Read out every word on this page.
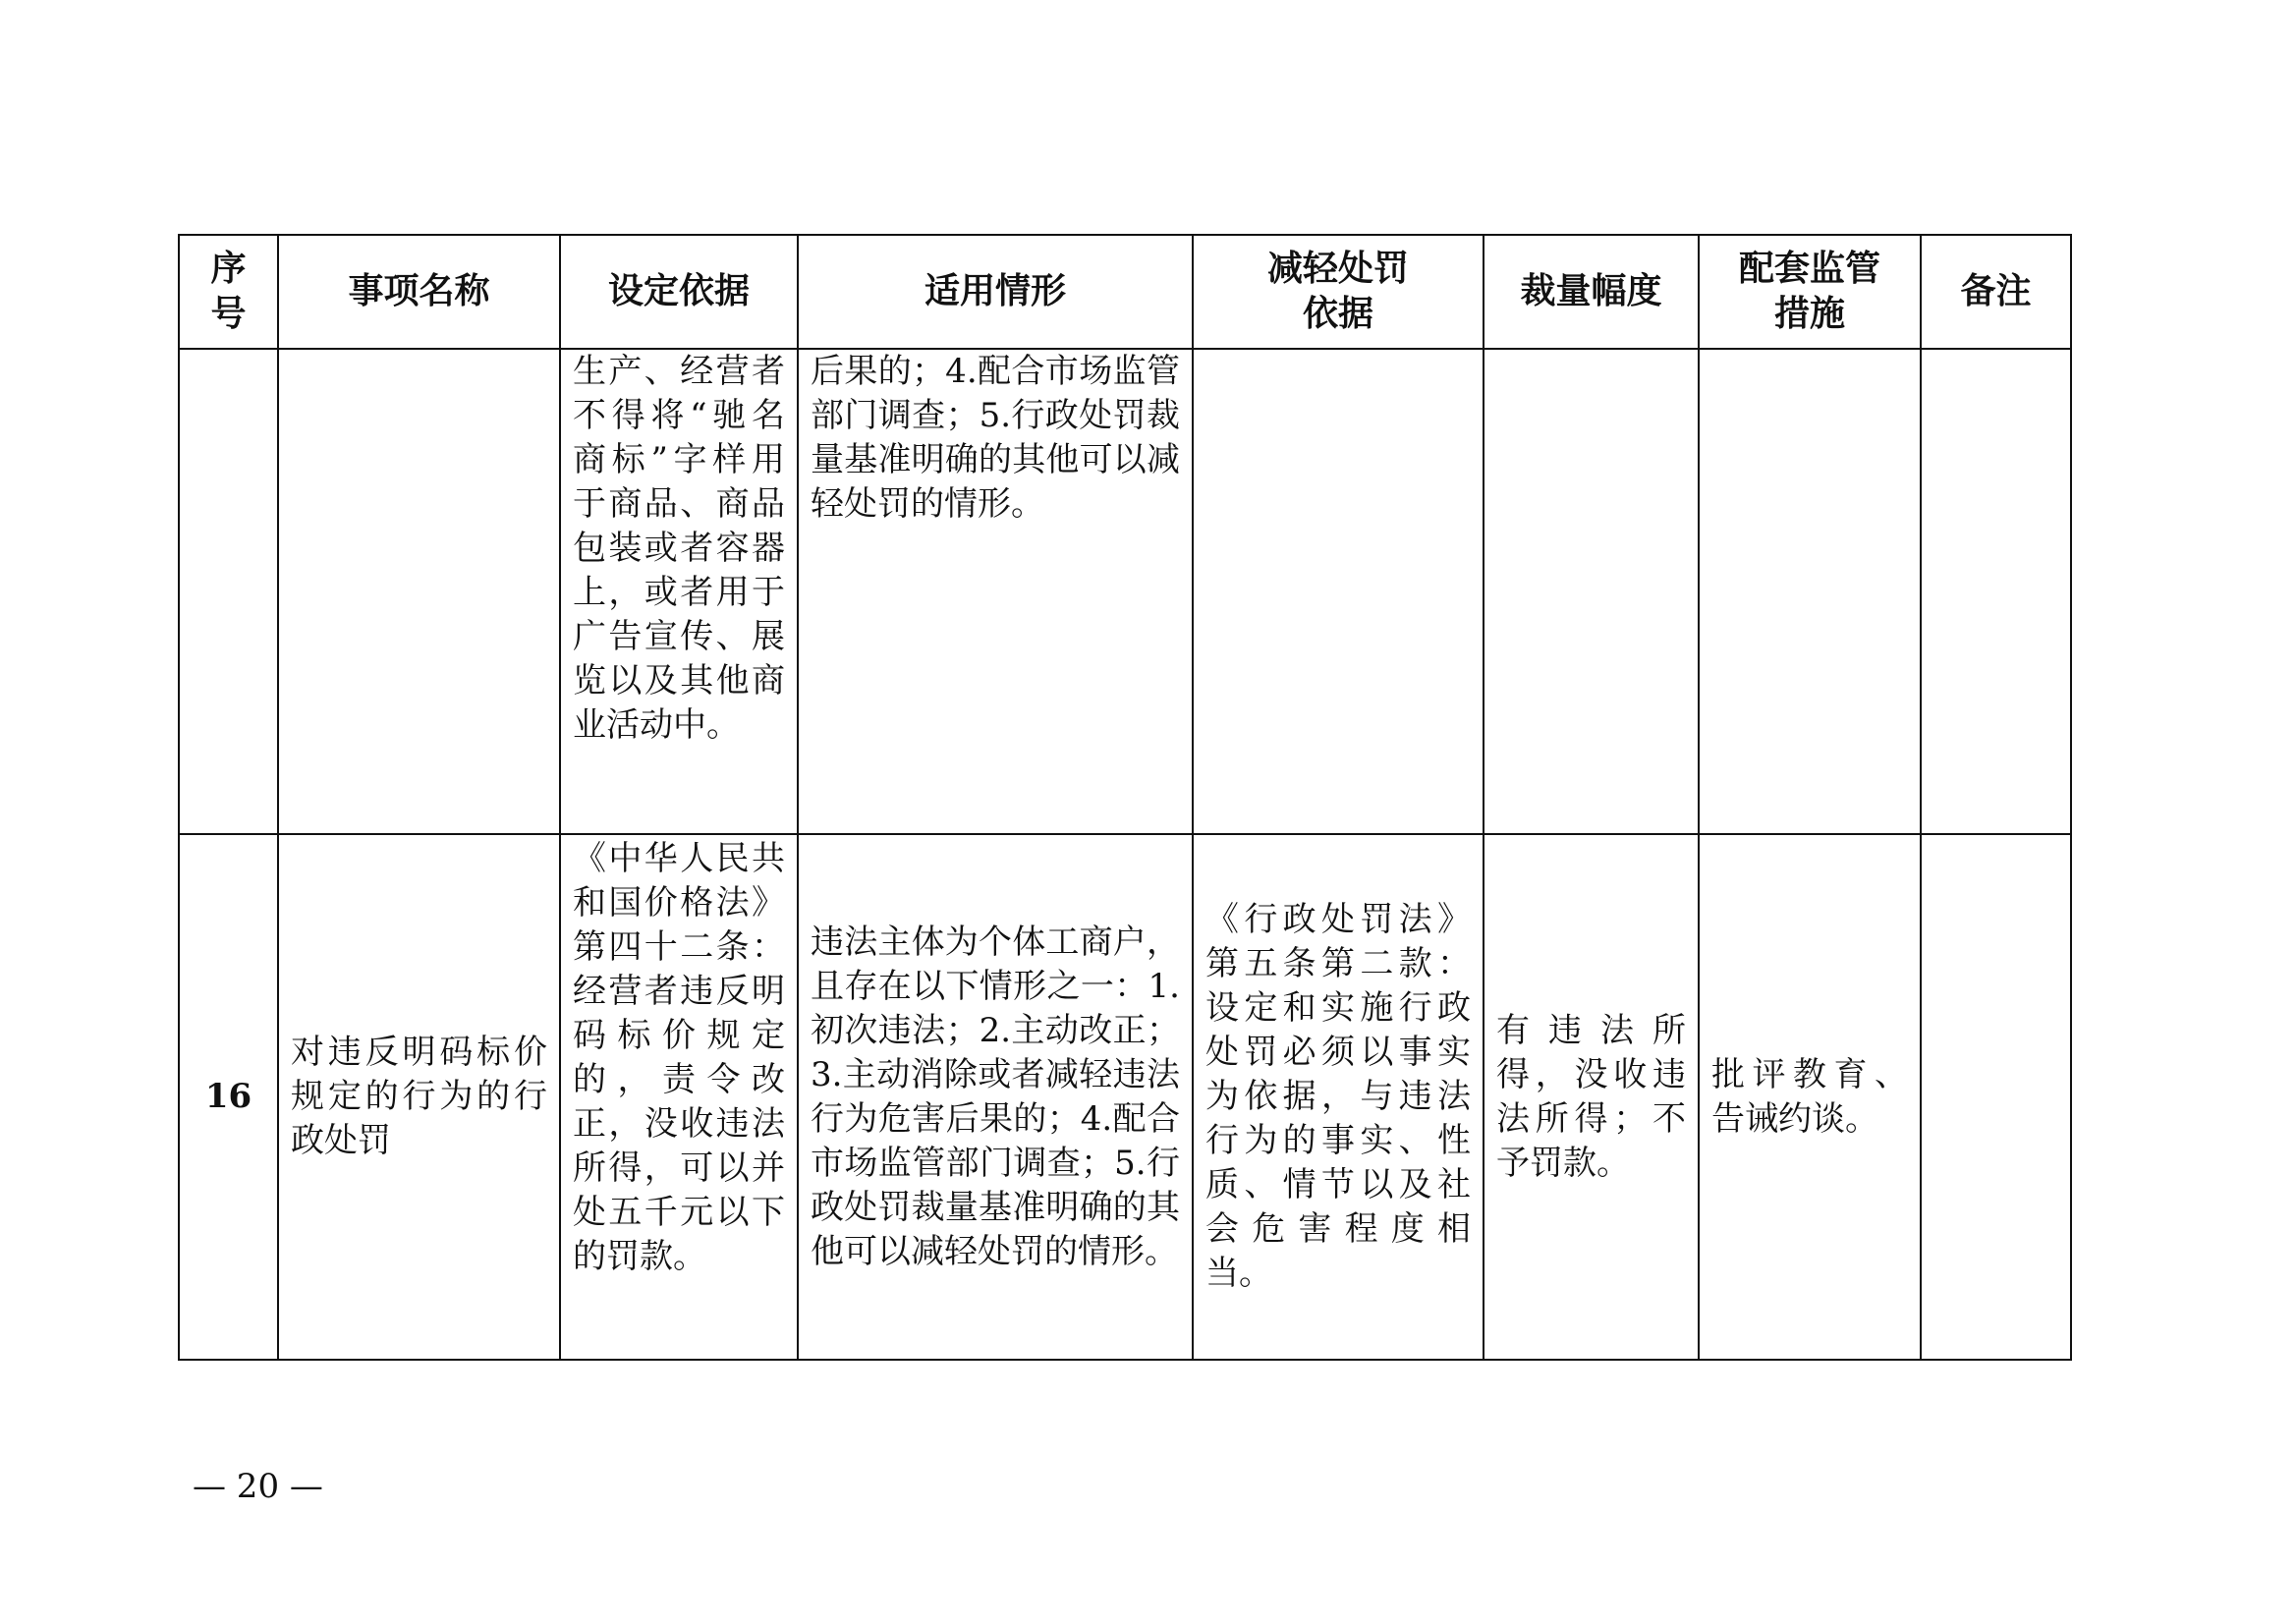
序号	事项名称	设定依据	适用情形	减轻处罚依据	裁量幅度	配套监管措施	备注

		生产、经营者不得将“驰名商标”字样用于商品、商品包装或者容器上，或者用于广告宣传、展览以及其他商业活动中。	后果的；4.配合市场监管部门调查；5.行政处罚裁量基准明确的其他可以减轻处罚的情形。				

16	对违反明码标价规定的行为的行政处罚	《中华人民共和国价格法》第四十二条：经营者违反明码标价规定的，责令改正，没收违法所得，可以并处五千元以下的罚款。	违法主体为个体工商户，且存在以下情形之一：1.初次违法；2.主动改正；3.主动消除或者减轻违法行为危害后果的；4.配合市场监管部门调查；5.行政处罚裁量基准明确的其他可以减轻处罚的情形。	《行政处罚法》第五条第二款：设定和实施行政处罚必须以事实为依据，与违法行为的事实、性质、情节以及社会危害程度相当。	有违法所得，没收违法所得；不予罚款。	批评教育、告诫约谈。	

— 20 —
